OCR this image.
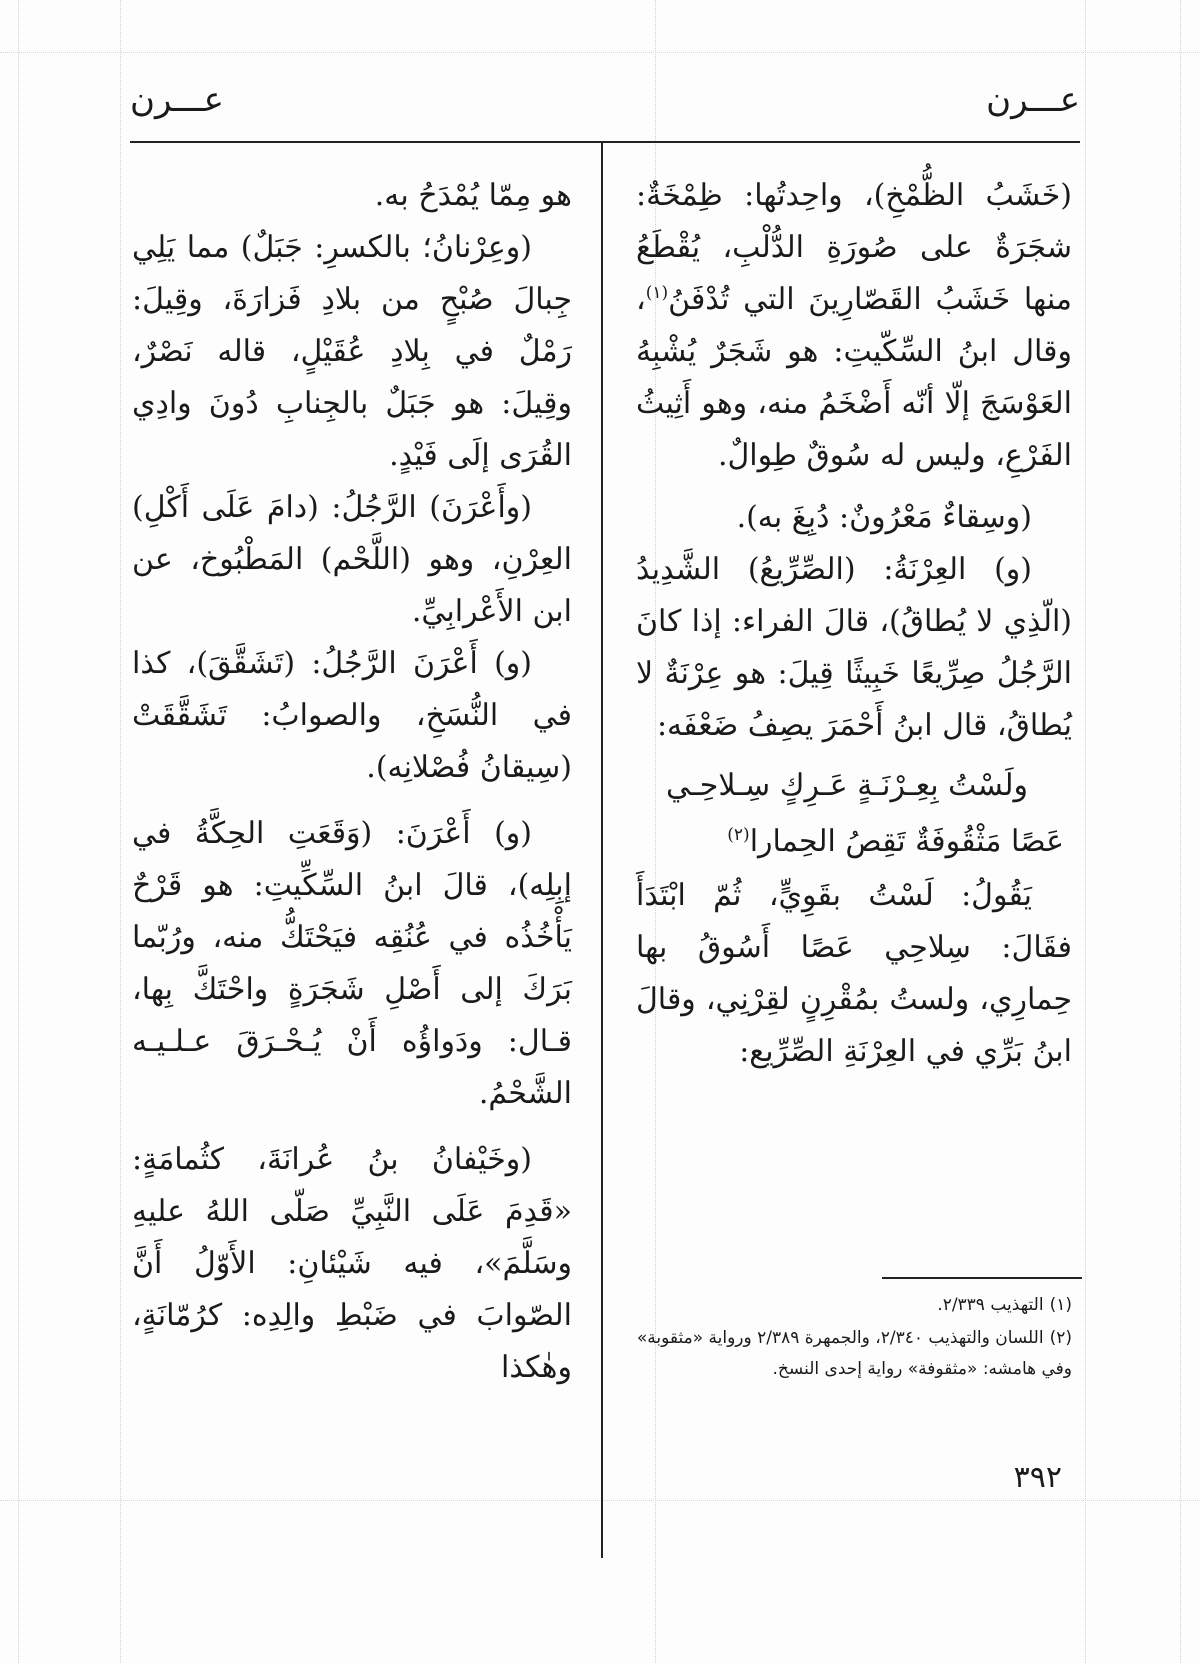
عـــرن
عـــرن

(خَشَبُ الظُّمْخِ)، واحِدتُها: ظِمْخَةٌ: شجَرَةٌ على صُورَةِ الدُّلْبِ، يُقْطَعُ منها خَشَبُ القَصّارِينَ التي تُدْفَنُ$^{(١)}$، وقال ابنُ السِّكّيتِ: هو شَجَرٌ يُشْبِهُ العَوْسَجَ إلّا أنّه أَضْخَمُ منه، وهو أَثِيثُ الفَرْعِ، وليس له سُوقٌ طِوالٌ.

(وسِقاءٌ مَعْرُونٌ: دُبِغَ به).

(و) العِرْنَةُ: (الصِّرِّيعُ) الشَّدِيدُ (الّذِي لا يُطاقُ)، قالَ الفراء: إذا كانَ الرَّجُلُ صِرِّيعًا خَبِيثًا قِيلَ: هو عِرْنَةٌ لا يُطاقُ، قال ابنُ أَحْمَرَ يصِفُ ضَعْفَه:

ولَسْتُ بِعِـرْنَـةٍ عَـرِكٍ سِـلاحِـي
عَصًا مَثْقُوفَةٌ تَقِصُ الحِمارا$^{(٢)}$

يَقُولُ: لَسْتُ بقَوِيٍّ، ثُمّ ابْتَدَأَ فقَالَ: سِلاحِي عَصًا أَسُوقُ بها حِمارِي، ولستُ بمُقْرِنٍ لقِرْنِي، وقالَ ابنُ بَرِّي في العِرْنَةِ الصِّرِّيع:

هو مِمّا يُمْدَحُ به.

(وعِرْنانُ؛ بالكسرِ: جَبَلٌ) مما يَلِي جِبالَ صُبْحٍ من بلادِ فَزارَةَ، وقِيلَ: رَمْلٌ في بِلادِ عُقَيْلٍ، قاله نَصْرٌ، وقِيلَ: هو جَبَلٌ بالجِنابِ دُونَ وادِي القُرَى إلَى فَيْدٍ.

(وأَعْرَنَ) الرَّجُلُ: (دامَ عَلَى أَكْلِ) العِرْنِ، وهو (اللَّحْم) المَطْبُوخ، عن ابن الأَعْرابِيِّ.

(و) أَعْرَنَ الرَّجُلُ: (تَشَقَّقَ)، كذا في النُّسَخِ، والصوابُ: تَشَقَّقَتْ (سِيقانُ فُصْلانِه).

(و) أَعْرَنَ: (وَقَعَتِ الحِكَّةُ في إبِلِه)، قالَ ابنُ السِّكِّيتِ: هو قَرْحٌ يَأْخُذُه في عُنُقِه فيَحْتَكُّ منه، ورُبّما بَرَكَ إلى أَصْلِ شَجَرَةٍ واحْتَكَّ بِها، قـال: ودَواؤُه أَنْ يُـحْـرَقَ عـلـيـه الشَّحْمُ.

(وخَيْفانُ بنُ عُرانَةَ، كثُمامَةٍ: «قَدِمَ عَلَى النَّبِيِّ صَلّى اللهُ عليهِ وسَلَّمَ»، فيه شَيْئانِ: الأَوّلُ أَنَّ الصّوابَ في ضَبْطِ والِدِه: كرُمّانَةٍ، وهٰكذا

(١)التهذيب ٢/٣٣٩.

(٢)اللسان والتهذيب ٢/٣٤٠، والجمهرة ٢/٣٨٩ ورواية «مثقوبة» وفي هامشه: «مثقوفة» رواية إحدى النسخ.

٣٩٢
